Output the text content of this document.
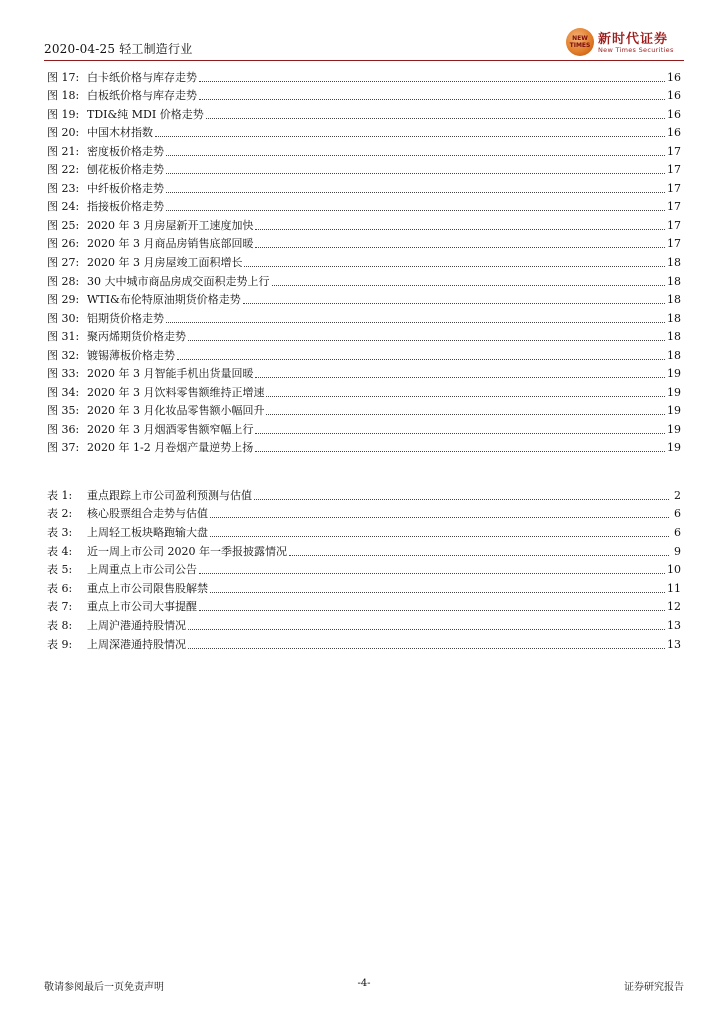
2020-04-25 轻工制造行业
NEW
TIMES 新时代证券
New Times Securities
图 17: 白卡纸价格与库存走势	16
图 18: 白板纸价格与库存走势	16
图 19: TDI&纯 MDI 价格走势	16
图 20: 中国木材指数	16
图 21: 密度板价格走势	17
图 22: 刨花板价格走势	17
图 23: 中纤板价格走势	17
图 24: 指接板价格走势	17
图 25: 2020 年 3 月房屋新开工速度加快	17
图 26: 2020 年 3 月商品房销售底部回暖	17
图 27: 2020 年 3 月房屋竣工面积增长	18
图 28: 30 大中城市商品房成交面积走势上行	18
图 29: WTI&布伦特原油期货价格走势	18
图 30: 铝期货价格走势	18
图 31: 聚丙烯期货价格走势	18
图 32: 镀锡薄板价格走势	18
图 33: 2020 年 3 月智能手机出货量回暖	19
图 34: 2020 年 3 月饮料零售额维持正增速	19
图 35: 2020 年 3 月化妆品零售额小幅回升	19
图 36: 2020 年 3 月烟酒零售额窄幅上行	19
图 37: 2020 年 1-2 月卷烟产量逆势上扬	19
表 1:	重点跟踪上市公司盈利预测与估值	2
表 2:	核心股票组合走势与估值	6
表 3:	上周轻工板块略跑输大盘	6
表 4:	近一周上市公司 2020 年一季报披露情况	9
表 5:	上周重点上市公司公告	10
表 6:	重点上市公司限售股解禁	11
表 7:	重点上市公司大事提醒	12
表 8:	上周沪港通持股情况	13
表 9:	上周深港通持股情况	13
敬请参阅最后一页免责声明	-4-	证券研究报告
